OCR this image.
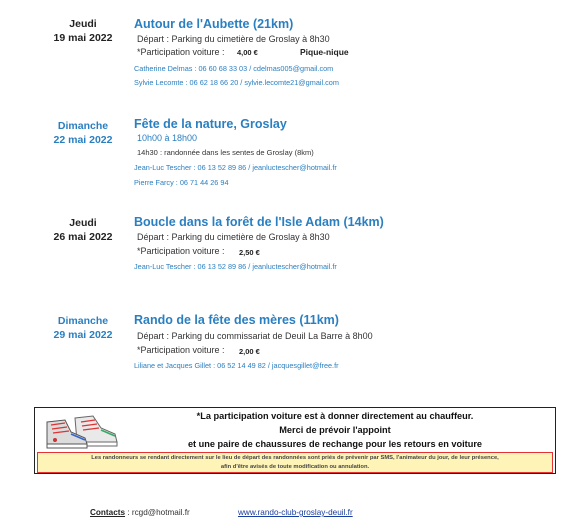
Jeudi
19 mai 2022
Autour de l'Aubette (21km)
Départ : Parking du cimetière de Groslay à 8h30
*Participation voiture : 4,00 €	Pique-nique
Catherine Delmas : 06 60 68 33 03 / cdelmas005@gmail.com
Sylvie Lecomte : 06 62 18 66 20 / sylvie.lecomte21@gmail.com
Dimanche
22 mai 2022
Fête de la nature, Groslay
10h00 à 18h00
14h30 : randonnée dans les sentes de Groslay (8km)
Jean-Luc Tescher : 06 13 52 89 86 / jeanluctescher@hotmail.fr
Pierre Farcy : 06 71 44 26 94
Jeudi
26 mai 2022
Boucle dans la forêt de l'Isle Adam (14km)
Départ : Parking du cimetière de Groslay à 8h30
*Participation voiture : 2,50 €
Jean-Luc Tescher : 06 13 52 89 86 / jeanluctescher@hotmail.fr
Dimanche
29 mai 2022
Rando de la fête des mères (11km)
Départ : Parking du commissariat de Deuil La Barre à 8h00
*Participation voiture : 2,00 €
Liliane et Jacques Gillet : 06 52 14 49 82 / jacquesgillet@free.fr
*La participation voiture est à donner directement au chauffeur.
Merci de prévoir l'appoint
et une paire de chaussures de rechange pour les retours en voiture
Les randonneurs se rendant directement sur le lieu de départ des randonnées sont priés de prévenir par SMS, l'animateur du jour, de leur présence,
afin d'être avisés de toute modification ou annulation.
Contacts : rcgd@hotmail.fr	www.rando-club-groslay-deuil.fr
